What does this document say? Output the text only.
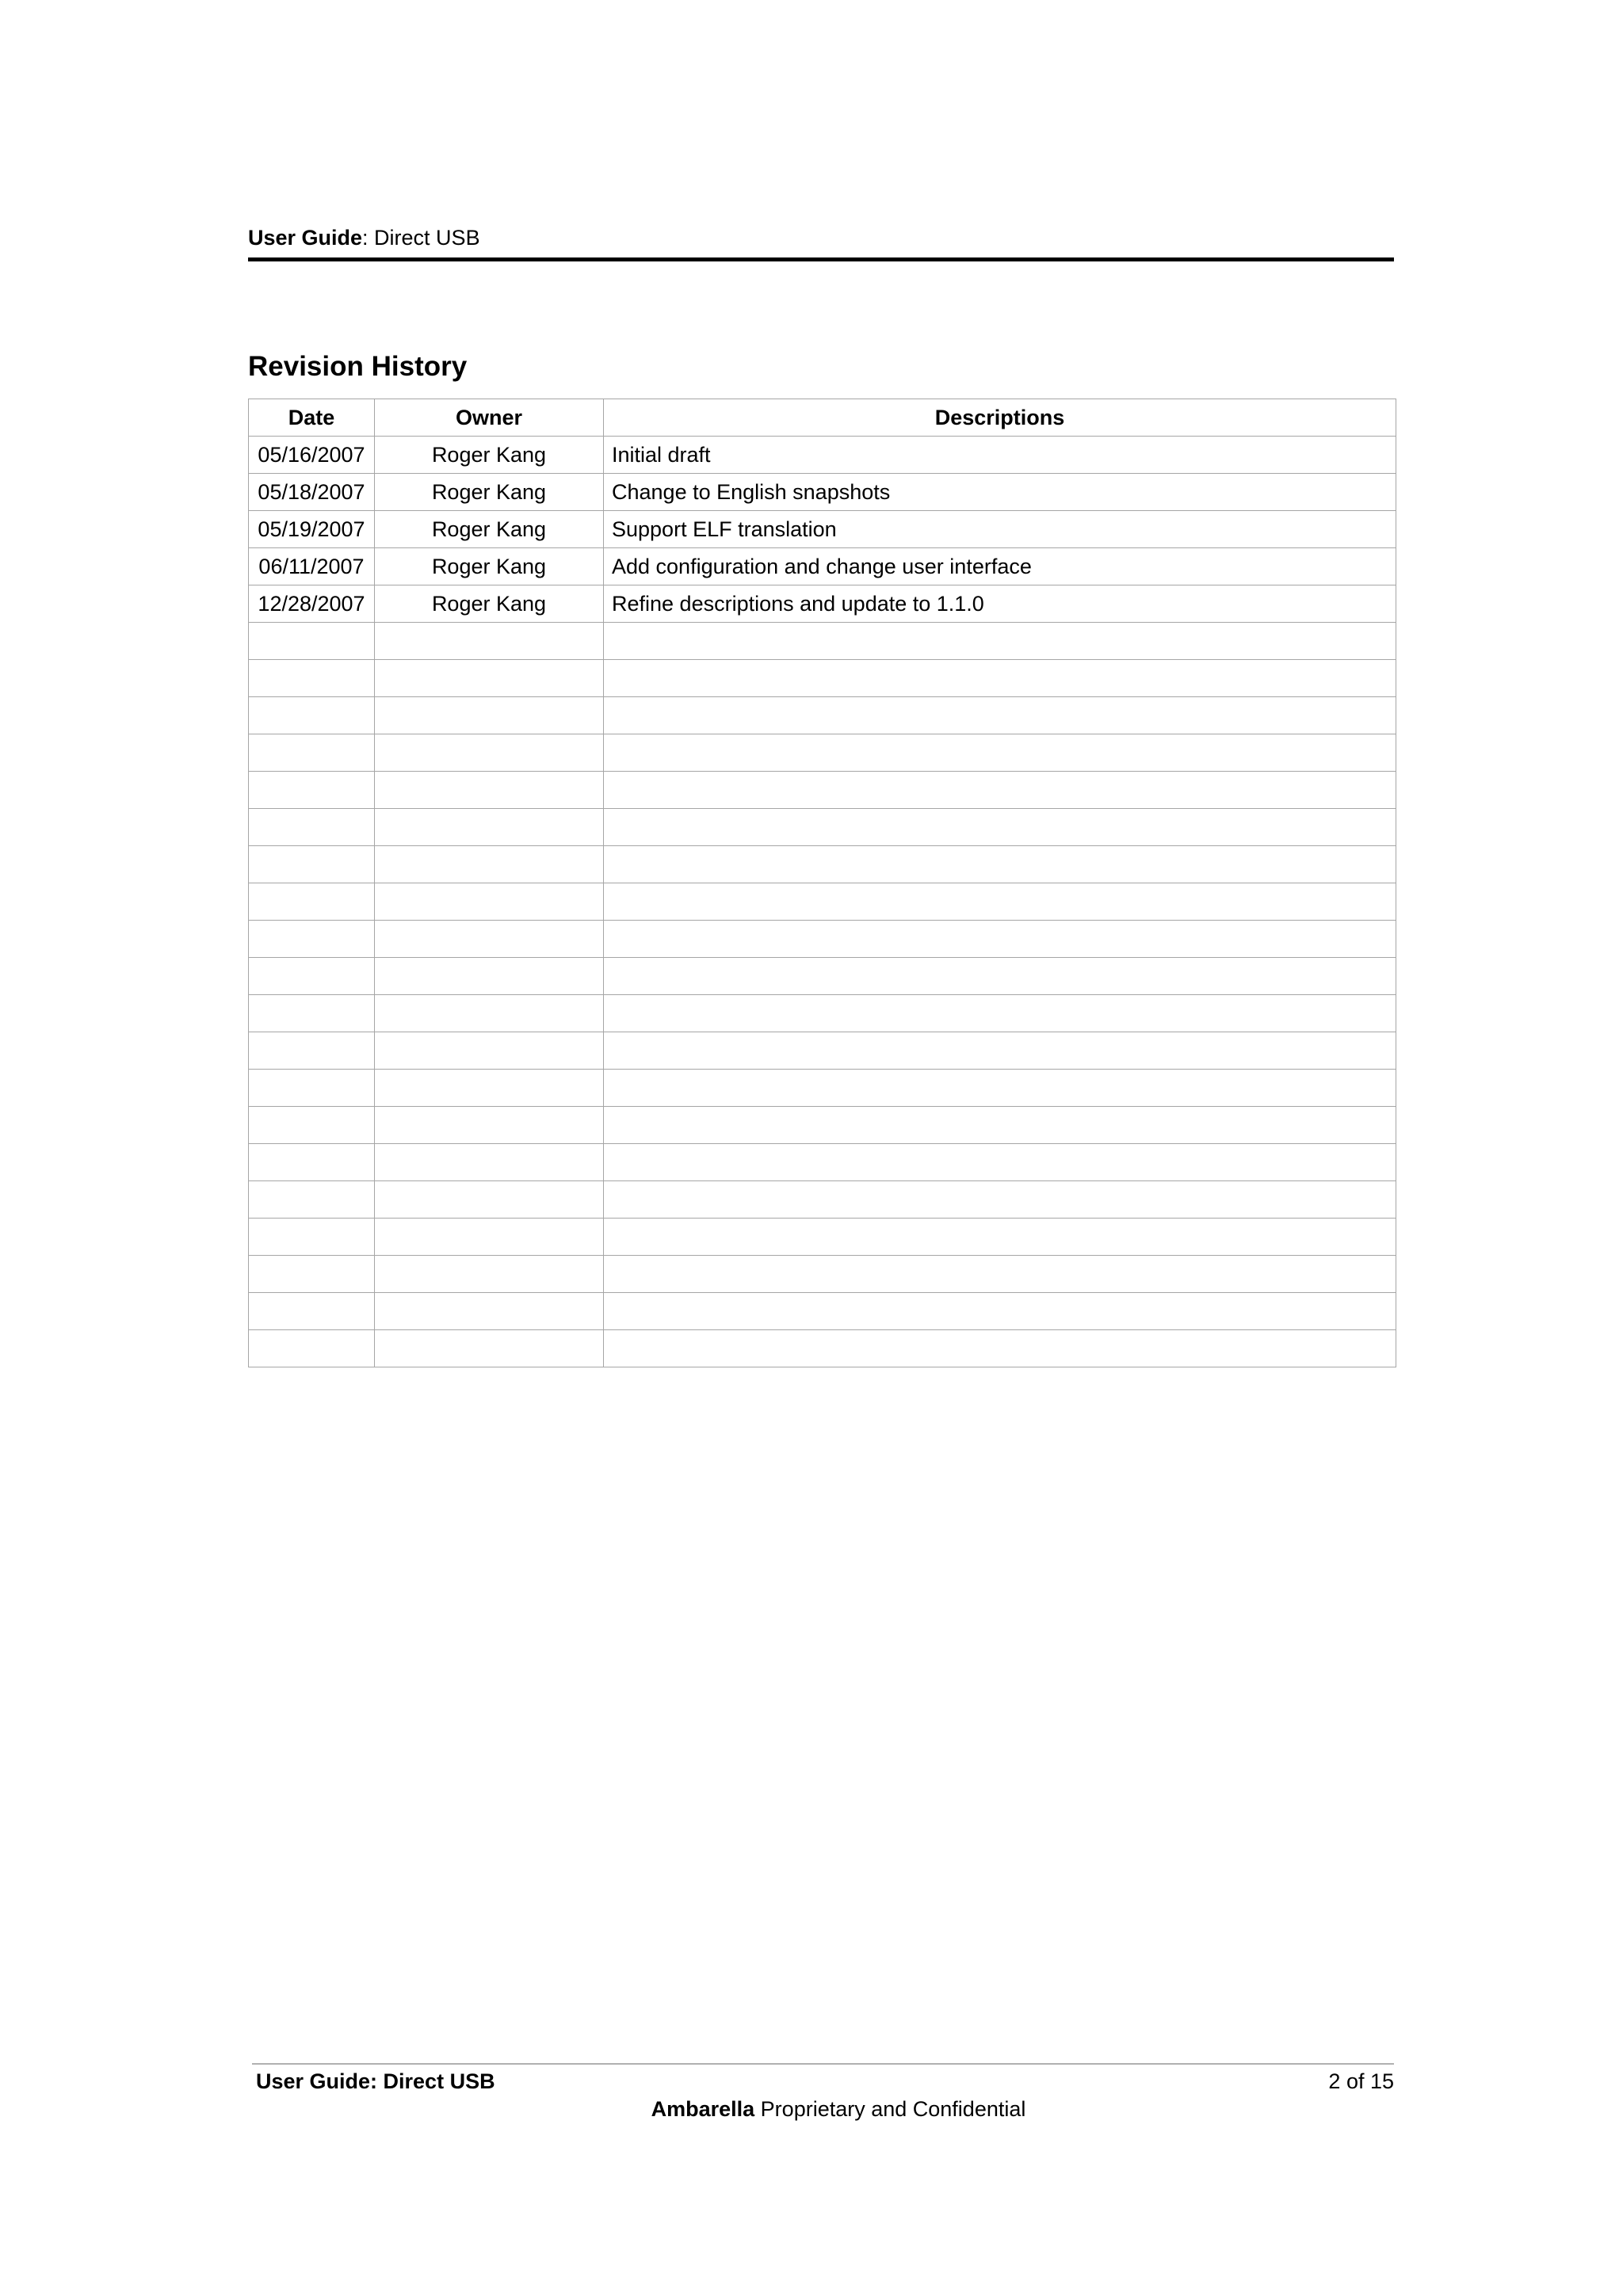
User Guide: Direct USB
Revision History
Date	Owner	Descriptions
05/16/2007	Roger Kang	Initial draft
05/18/2007	Roger Kang	Change to English snapshots
05/19/2007	Roger Kang	Support ELF translation
06/11/2007	Roger Kang	Add configuration and change user interface
12/28/2007	Roger Kang	Refine descriptions and update to 1.1.0

User Guide: Direct USB	2 of 15
Ambarella Proprietary and Confidential
